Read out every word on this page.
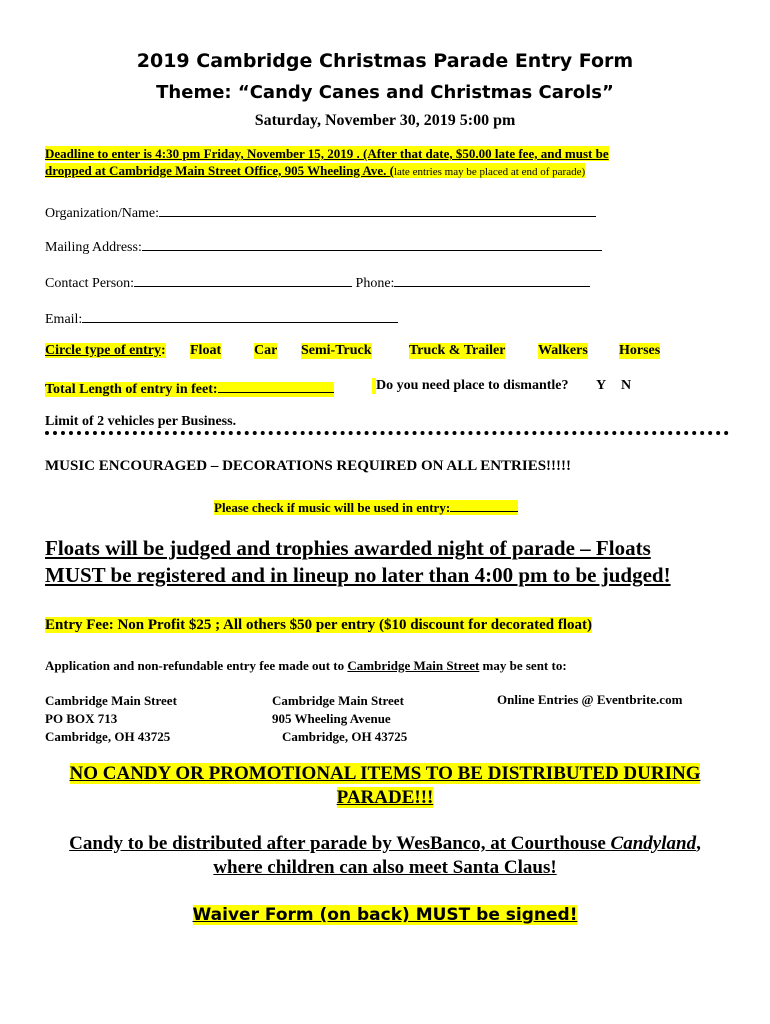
2019 Cambridge Christmas Parade Entry Form
Theme: “Candy Canes and Christmas Carols”
Saturday, November 30, 2019 5:00 pm
Deadline to enter is 4:30 pm Friday, November 15, 2019 . (After that date, $50.00 late fee, and must be
dropped at Cambridge Main Street Office, 905 Wheeling Ave. (late entries may be placed at end of parade)
Organization/Name:
Mailing Address:
Contact Person:	Phone:
Email:
Circle type of entry: Float Car Semi-Truck	Truck & Trailer Walkers Horses
Total Length of entry in feet:	Do you need place to dismantle? Y N
Limit of 2 vehicles per Business.
MUSIC ENCOURAGED – DECORATIONS REQUIRED ON ALL ENTRIES!!!!!
Please check if music will be used in entry:
Floats will be judged and trophies awarded night of parade – Floats
MUST be registered and in lineup no later than 4:00 pm to be judged!
Entry Fee: Non Profit $25 ; All others $50 per entry ($10 discount for decorated float)
Application and non-refundable entry fee made out to Cambridge Main Street may be sent to:
Cambridge Main Street
PO BOX 713
Cambridge, OH 43725
Cambridge Main Street
905 Wheeling Avenue
Cambridge, OH 43725
Online Entries @ Eventbrite.com
NO CANDY OR PROMOTIONAL ITEMS TO BE DISTRIBUTED DURING
PARADE!!!
Candy to be distributed after parade by WesBanco, at Courthouse Candyland,
where children can also meet Santa Claus!
Waiver Form (on back) MUST be signed!
